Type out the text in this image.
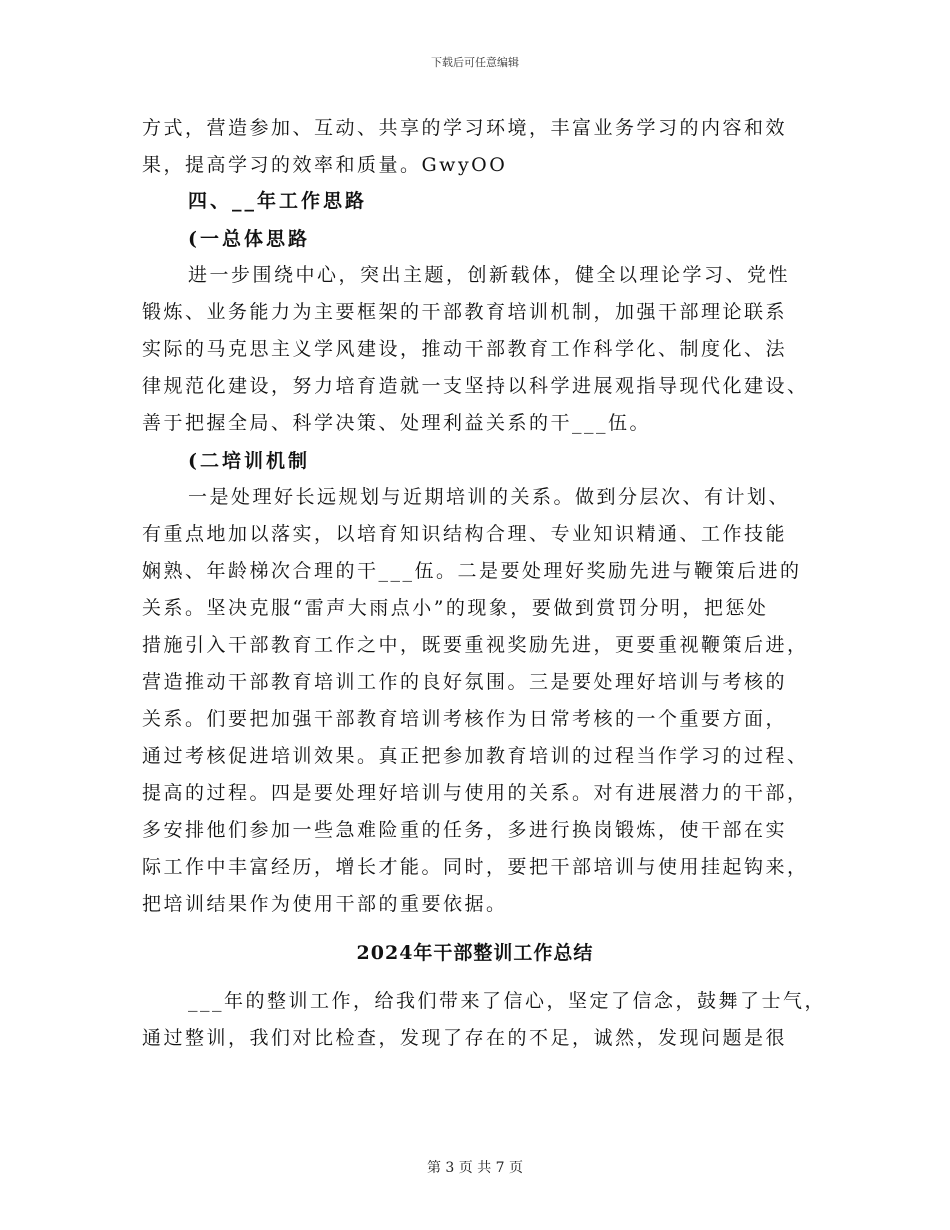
下载后可任意编辑
方式，营造参加、互动、共享的学习环境，丰富业务学习的内容和效
果，提高学习的效率和质量。GwyOO
四、__年工作思路
(一总体思路
进一步围绕中心，突出主题，创新载体，健全以理论学习、党性
锻炼、业务能力为主要框架的干部教育培训机制，加强干部理论联系
实际的马克思主义学风建设，推动干部教育工作科学化、制度化、法
律规范化建设，努力培育造就一支坚持以科学进展观指导现代化建设、
善于把握全局、科学决策、处理利益关系的干___伍。
(二培训机制
一是处理好长远规划与近期培训的关系。做到分层次、有计划、
有重点地加以落实，以培育知识结构合理、专业知识精通、工作技能
娴熟、年龄梯次合理的干___伍。二是要处理好奖励先进与鞭策后进的
关系。坚决克服“雷声大雨点小”的现象，要做到赏罚分明，把惩处
措施引入干部教育工作之中，既要重视奖励先进，更要重视鞭策后进，
营造推动干部教育培训工作的良好氛围。三是要处理好培训与考核的
关系。们要把加强干部教育培训考核作为日常考核的一个重要方面，
通过考核促进培训效果。真正把参加教育培训的过程当作学习的过程、
提高的过程。四是要处理好培训与使用的关系。对有进展潜力的干部，
多安排他们参加一些急难险重的任务，多进行换岗锻炼，使干部在实
际工作中丰富经历，增长才能。同时，要把干部培训与使用挂起钩来，
把培训结果作为使用干部的重要依据。
2024年干部整训工作总结
___年的整训工作，给我们带来了信心，坚定了信念，鼓舞了士气，
通过整训，我们对比检查，发现了存在的不足，诚然，发现问题是很
第 3 页 共 7 页
